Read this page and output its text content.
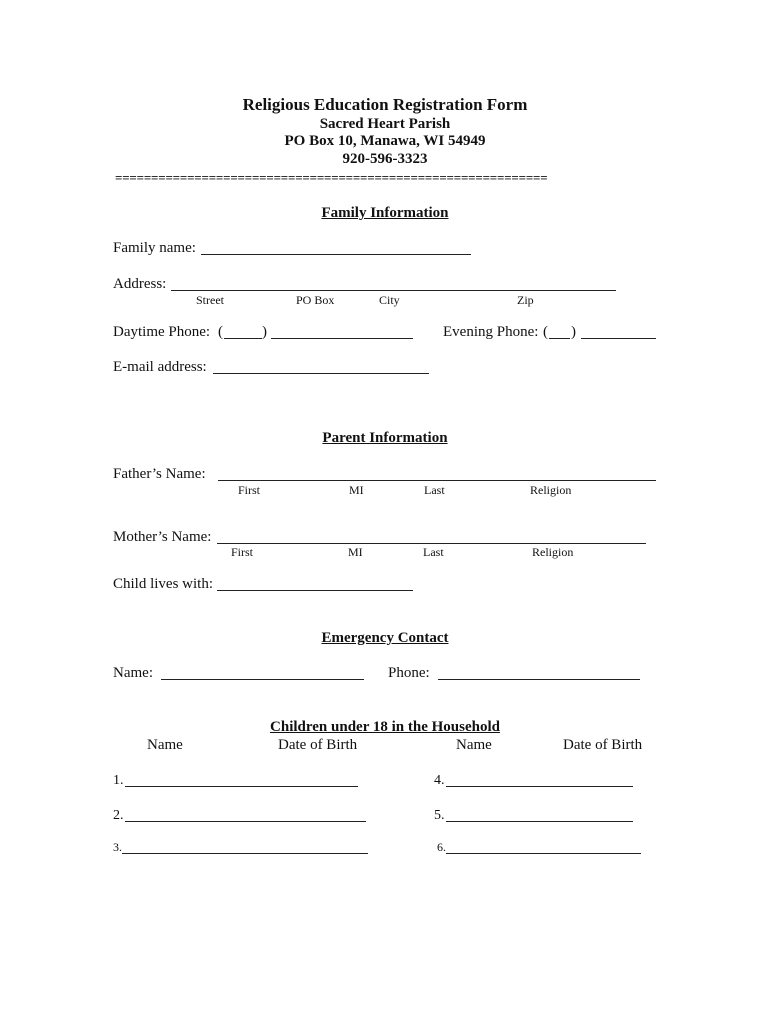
Religious Education Registration Form
Sacred Heart Parish
PO Box 10, Manawa, WI 54949
920-596-3323
============================================================
Family Information
Family name:
Address:
Street	PO Box	City	Zip
Daytime Phone: (	)	Evening Phone: ( )
E-mail address:
Parent Information
Father’s Name:
First	MI	Last	Religion
Mother’s Name:
First	MI	Last	Religion
Child lives with:
Emergency Contact
Name:	Phone:
Children under 18 in the Household
Name	Date of Birth	Name	Date of Birth
1.
2.
3.
4.
5.
6.
